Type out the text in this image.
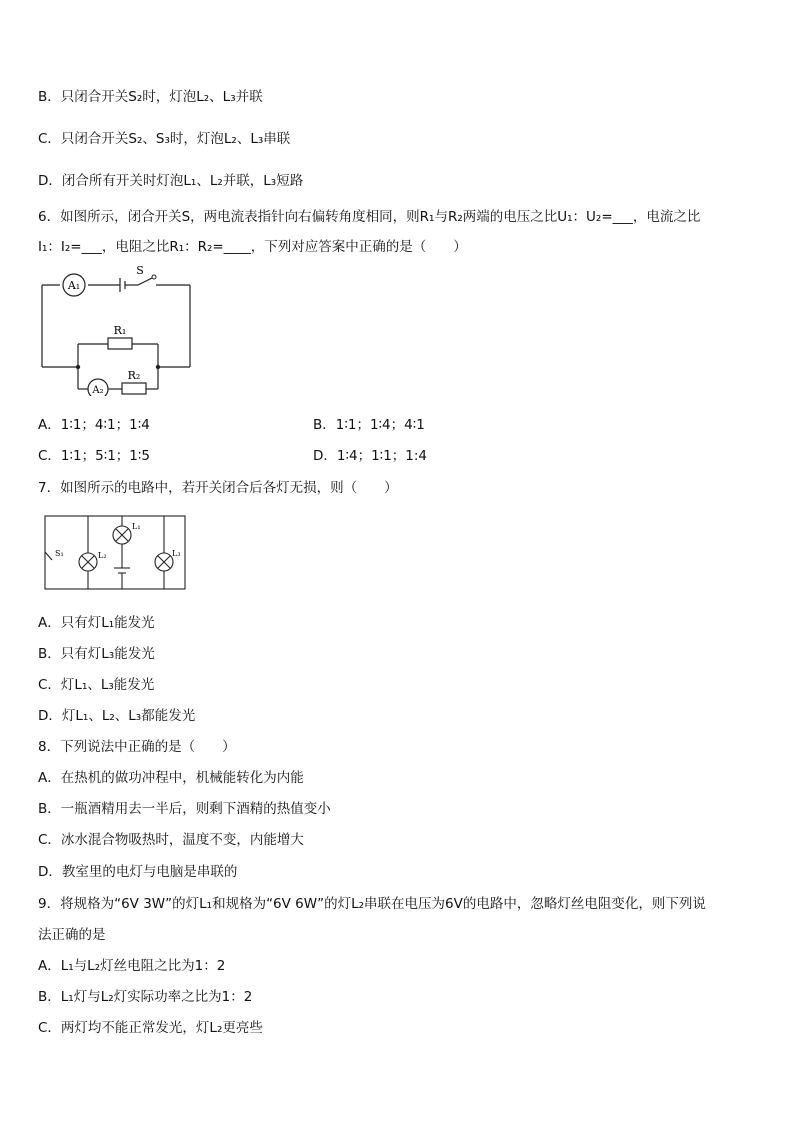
B．只闭合开关S₂时，灯泡L₂、L₃并联
C．只闭合开关S₂、S₃时，灯泡L₂、L₃串联
D．闭合所有开关时灯泡L₁、L₂并联，L₃短路
6．如图所示，闭合开关S，两电流表指针向右偏转角度相同，则R₁与R₂两端的电压之比U₁：U₂=___，电流之比
I₁：I₂=___，电阻之比R₁：R₂=____，下列对应答案中正确的是（　　）
A₁
A₂
S
R₁
R₂
A．1∶1；4∶1；1∶4	B．1∶1；1∶4；4∶1
C．1∶1；5∶1；1∶5	D．1∶4；1∶1；1:4
7．如图所示的电路中，若开关闭合后各灯无损，则（　　）
S₁	L₂
L₁
L₃
A．只有灯L₁能发光
B．只有灯L₃能发光
C．灯L₁、L₃能发光
D．灯L₁、L₂、L₃都能发光
8．下列说法中正确的是（　　）
A．在热机的做功冲程中，机械能转化为内能
B．一瓶酒精用去一半后，则剩下酒精的热值变小
C．冰水混合物吸热时，温度不变，内能增大
D．教室里的电灯与电脑是串联的
9．将规格为“6V 3W”的灯L₁和规格为“6V 6W”的灯L₂串联在电压为6V的电路中，忽略灯丝电阻变化，则下列说
法正确的是
A．L₁与L₂灯丝电阻之比为1：2
B．L₁灯与L₂灯实际功率之比为1：2
C．两灯均不能正常发光，灯L₂更亮些
